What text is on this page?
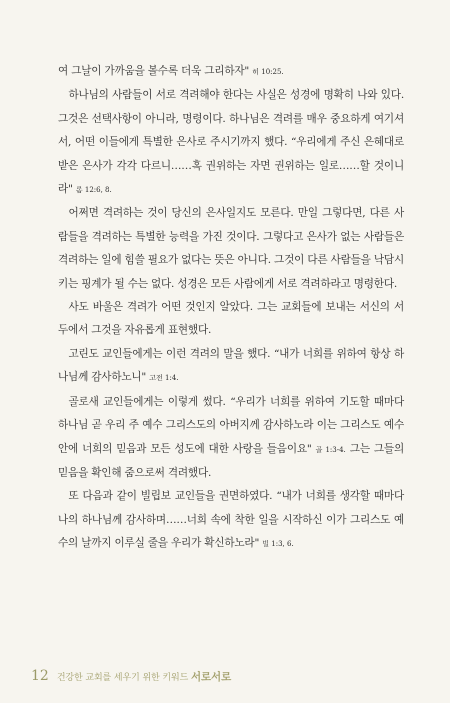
여 그날이 가까움을 볼수록 더욱 그리하자" 히 10:25.

하나님의 사람들이 서로 격려해야 한다는 사실은 성경에 명확히 나와 있다. 그것은 선택사항이 아니라, 명령이다. 하나님은 격려를 매우 중요하게 여기셔서, 어떤 이들에게 특별한 은사로 주시기까지 했다. “우리에게 주신 은혜대로 받은 은사가 각각 다르니……혹 권위하는 자면 권위하는 일로……할 것이니라" 롬 12:6, 8.

어쩌면 격려하는 것이 당신의 은사일지도 모른다. 만일 그렇다면, 다른 사람들을 격려하는 특별한 능력을 가진 것이다. 그렇다고 은사가 없는 사람들은 격려하는 일에 힘쓸 필요가 없다는 뜻은 아니다. 그것이 다른 사람들을 낙담시키는 핑계가 될 수는 없다. 성경은 모든 사람에게 서로 격려하라고 명령한다.

사도 바울은 격려가 어떤 것인지 알았다. 그는 교회들에 보내는 서신의 서두에서 그것을 자유롭게 표현했다.

고린도 교인들에게는 이런 격려의 말을 했다. “내가 너희를 위하여 항상 하나님께 감사하노니" 고전 1:4.

골로새 교인들에게는 이렇게 썼다. “우리가 너희를 위하여 기도할 때마다 하나님 곧 우리 주 예수 그리스도의 아버지께 감사하노라 이는 그리스도 예수 안에 너희의 믿음과 모든 성도에 대한 사랑을 들음이요" 골 1:3-4. 그는 그들의 믿음을 확인해 줌으로써 격려했다.

또 다음과 같이 빌립보 교인들을 권면하였다. “내가 너희를 생각할 때마다 나의 하나님께 감사하며……너희 속에 착한 일을 시작하신 이가 그리스도 예수의 날까지 이루실 줄을 우리가 확신하노라" 빌 1:3, 6.

12 건강한 교회를 세우기 위한 키워드 서로서로
